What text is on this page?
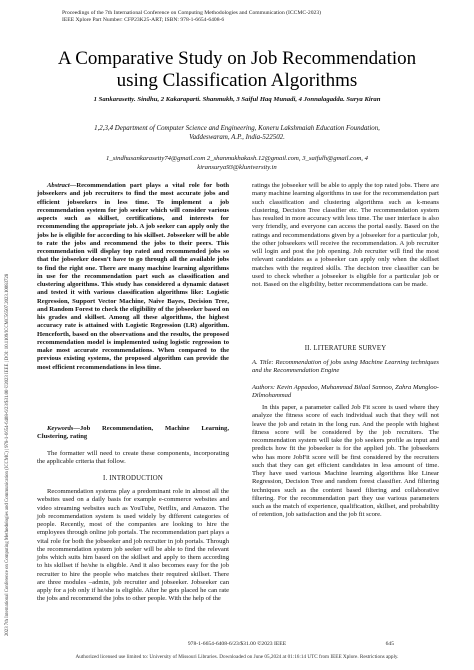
Proceedings of the 7th International Conference on Computing Methodologies and Communication (ICCMC-2023)
IEEE Xplore Part Number: CFP23K25-ART; ISBN: 978-1-6654-6408-6
A Comparative Study on Job Recommendation
using Classification Algorithms
1 Sankarasetty. Sindhu, 2 Kakaraparti. Shanmukh, 3 Saiful Haq Munadi, 4 Jonnalagadda. Surya Kiran
1,2,3,4 Department of Computer Science and Engineering, Koneru Lakshmaiah Education Foundation,
Vaddeswaram, A.P., India-522502.
1_sindhusankarasetty74@gmail.com 2_shanmukhakash.12@gmail.com, 3_saifulh@gmail.com, 4
kiransurya93@kluniversity.in
2023 7th International Conference on Computing Methodologies and Communication (ICCMC) | 978-1-6654-6408-6/23/$31.00 ©2023 IEEE | DOI: 10.1109/ICCMC56507.2023.10083728

Abstract—Recommendation part plays a vital role for both jobseekers and job recruiters to find the most accurate jobs and efficient jobseekers in less time. To implement a job recommendation system for job seeker which will consider various aspects such as skillset, certifications, and interests for recommending the appropriate job. A job seeker can apply only the jobs he is eligible for according to his skillset. Jobseeker will be able to rate the jobs and recommend the jobs to their peers. This recommendation will display top rated and recommended jobs so that the jobseeker doesn't have to go through all the available jobs to find the right one. There are many machine learning algorithms in use for the recommendation part such as classification and clustering algorithms. This study has considered a dynamic dataset and tested it with various classification algorithms like: Logistic Regression, Support Vector Machine, Naive Bayes, Decision Tree, and Random Forest to check the eligibility of the jobseeker based on his grades and skillset. Among all these algorithms, the highest accuracy rate is attained with Logistic Regression (LR) algorithm. Henceforth, based on the observations and the results, the proposed recommendation model is implemented using logistic regression to make most accurate recommendations. When compared to the previous existing systems, the proposed algorithm can provide the most efficient recommendations in less time.

Keywords—Job Recommendation, Machine Learning, Clustering, rating

The formatter will need to create these components, incorporating the applicable criteria that follow.

I. INTRODUCTION

Recommendation systems play a predominant role in almost all the websites used on a daily basis for example e-commerce websites and video streaming websites such as YouTube, Netflix, and Amazon. The job recommendation system is used widely by different categories of people. Recently, most of the companies are looking to hire the employees through online job portals. The recommendation part plays a vital role for both the jobseeker and job recruiter in job portals. Through the recommendation system job seeker will be able to find the relevant jobs which suits him based on the skillset and apply to them according to his skillset if he/she is eligible. And it also becomes easy for the job recruiter to hire the people who matches their required skillset. There are three modules –admin, job recruiter and jobseeker. Jobseeker can apply for a job only if he/she is eligible. After he gets placed he can rate the jobs and recommend the jobs to other people. With the help of the

ratings the jobseeker will be able to apply the top rated jobs. There are many machine learning algorithms in use for the recommendation part such classification and clustering algorithms such as k-means clustering, Decision Tree classifier etc. The recommendation system has resulted in more accuracy with less time. The user interface is also very friendly, and everyone can access the portal easily. Based on the ratings and recommendations given by a jobseeker for a particular job, the other jobseekers will receive the recommendation. A job recruiter will login and post the job opening. Job recruiter will find the most relevant candidates as a jobseeker can apply only when the skillset matches with the required skills. The decision tree classifier can be used to check whether a jobseeker is eligible for a particular job or not. Based on the eligibility, better recommendations can be made.

II. LITERATURE SURVEY
A. Title: Recommendation of jobs using Machine Learning techniques and the Recommendation Engine
Authors: Kevin Appadoo, Muhammad Bilaal Sannoo, Zahra Mungloo-Dilmohammad

In this paper, a parameter called Job Fit score is used where they analyze the fitness score of each individual such that they will not leave the job and retain in the long run. And the people with highest fitness score will be considered by the job recruiters. The recommendation system will take the job seekers profile as input and predicts how fit the jobseeker is for the applied job. The jobseekers who has more JobFit score will be first considered by the recruiters such that they can get efficient candidates in less amount of time. They have used various Machine learning algorithms like Linear Regression, Decision Tree and random forest classifier. And filtering techniques such as the content based filtering and collaborative filtering. For the recommendation part they use various parameters such as the match of experience, qualification, skillset, and probability of retention, job satisfaction and the job fit score.

978-1-6654-6408-6/23/$31.00 ©2023 IEEE	645
Authorized licensed use limited to: University of Missouri Libraries. Downloaded on June 05,2024 at 01:16:14 UTC from IEEE Xplore. Restrictions apply.
